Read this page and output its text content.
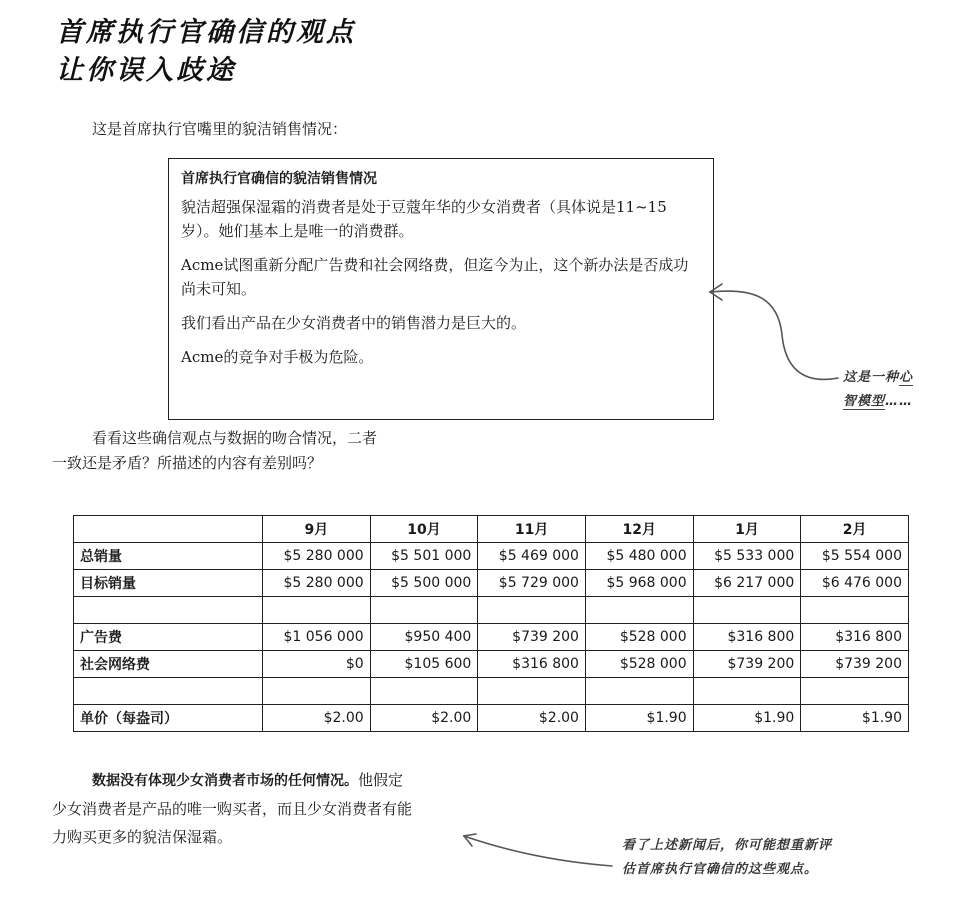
首席执行官确信的观点
让你误入歧途
这是首席执行官嘴里的貌洁销售情况：
首席执行官确信的貌洁销售情况

貌洁超强保湿霜的消费者是处于豆蔻年华的少女消费者（具体说是11~15岁）。她们基本上是唯一的消费群。

Acme试图重新分配广告费和社会网络费，但迄今为止，这个新办法是否成功尚未可知。

我们看出产品在少女消费者中的销售潜力是巨大的。

Acme的竞争对手极为危险。

看看这些确信观点与数据的吻合情况，二者
一致还是矛盾？所描述的内容有差别吗？
	9月	10月	11月	12月	1月	2月
总销量	$5 280 000	$5 501 000	$5 469 000	$5 480 000	$5 533 000	$5 554 000
目标销量	$5 280 000	$5 500 000	$5 729 000	$5 968 000	$6 217 000	$6 476 000

广告费	$1 056 000	$950 400	$739 200	$528 000	$316 800	$316 800
社会网络费	$0	$105 600	$316 800	$528 000	$739 200	$739 200

单价（每盎司）	$2.00	$2.00	$2.00	$1.90	$1.90	$1.90
数据没有体现少女消费者市场的任何情况。他假定
少女消费者是产品的唯一购买者，而且少女消费者有能
力购买更多的貌洁保湿霜。
这是一种心
智模型……
看了上述新闻后，你可能想重新评
估首席执行官确信的这些观点。
